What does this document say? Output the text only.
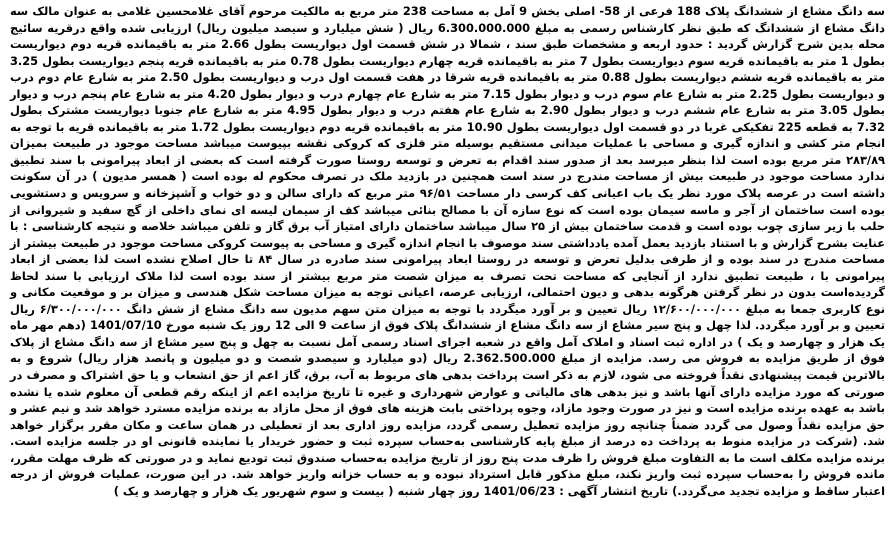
سه دانگ مشاع از ششدانگ پلاک 188 فرعی از 58- اصلی بخش 9 آمل به مساحت 238 متر مربع به مالکیت مرحوم آقای غلامحسین غلامی به عنوان مالک سه دانگ مشاع از ششدانگ که طبق نظر کارشناس رسمی به مبلغ 6.300.000.000 ریال ( شش میلیارد و سیصد میلیون ریال) ارزیابی شده واقع درقریه سائیج محله بدین شرح گزارش گردید : حدود اربعه و مشخصات طبق سند ، شمالا در شش قسمت اول دیواریست بطول 2.66 متر به باقیمانده قریه دوم دیواریست بطول 1 متر به باقیمانده قریه سوم دیواریست بطول 7 متر به باقیمانده قریه چهارم دیواریست بطول 0.78 متر به باقیمانده قریه پنجم دیواریست بطول 3.25 متر به باقیمانده قریه ششم دیواریست بطول 0.88 متر به باقیمانده قریه شرقا در هفت قسمت اول درب و دیواریست بطول 2.50 متر به شارع عام دوم درب و دیواریست بطول 2.25 متر به شارع عام سوم درب و دیوار بطول 7.15 متر به شارع عام چهارم درب و دیوار بطول 4.20 متر به شارع عام پنجم درب و دیوار بطول 3.05 متر به شارع عام ششم درب و دیوار بطول 2.90 به شارع عام هفتم درب و دیوار بطول 4.95 متر به شارع عام جنوبا دیواریست مشترک بطول 7.32 به قطعه 225 تفکیکی غربا در دو قسمت اول دیواریست بطول 10.90 متر به باقیمانده قریه دوم دیواریست بطول 1.72 متر به باقیمانده قریه با توجه به انجام متر کشی و اندازه گیری و مساحی با عملیات میدانی مستقیم بوسیله متر فلزی که کروکی نقشه بپیوست میباشد مساحت موجود در طبیعت بمیزان ۲۸۳/۸۹ متر مربع بوده است لذا بنظر میرسد بعد از صدور سند اقدام به تعرض و توسعه روستا صورت گرفته است که بعضی از ابعاد پیرامونی با سند تطبیق ندارد مساحت موجود در طبیعت بیش از مساحت مندرج در سند است همچنین در بازدید ملک در تصرف محکوم له بوده است ( همسر مدیون ) در آن سکونت داشته است در عرصه پلاک مورد نظر یک باب اعیانی کف کرسی دار مساحت ۹۶/۵۱ متر مربع که دارای سالن و دو خواب و آشپزخانه و سرویس و دستشویی بوده است ساختمان از آجر و ماسه سیمان بوده است که نوع سازه آن با مصالح بنائی میباشد کف از سیمان لیسه ای نمای داخلی از گچ سفید و شیروانی از حلب با زیر سازی چوب بوده است و قدمت ساختمان بیش از ۲۵ سال میباشد ساختمان دارای امتیاز آب برق گاز و تلفن میباشد خلاصه و نتیجه کارشناسی : با عنایت بشرح گزارش و با استناد بازدید بعمل آمده یادداشتی سند موصوف با انجام اندازه گیری و مساحی به پیوست کروکی مساحت موجود در طبیعت بیشتر از مساحت مندرج در سند بوده و از طرفی بدلیل تعرض و توسعه در روستا ابعاد پیرامونی سند صادره در سال ۸۴ تا حال اصلاح نشده است لذا بعضی از ابعاد پیرامونی با ، طبیعت تطبیق ندارد از آنجایی که مساحت تحت تصرف به میزان شصت متر مربع بیشتر از سند بوده است لذا ملاک ارزیابی با سند لحاظ گردیده‌است بدون در نظر گرفتن هرگونه بدهی و دیون احتمالی، ارزیابی عرصه، اعیانی توجه به میزان مساحت شکل هندسی و میزان بر و موقعیت مکانی و نوع کاربری جمعا به مبلغ ۱۲/۶۰۰/۰۰۰/۰۰۰ ریال تعیین و بر آورد میگردد با توجه به میزان متن سهم مدیون سه دانگ مشاع از شش دانگ ۶/۳۰۰/۰۰۰/۰۰۰ ریال تعیین و بر آورد میگردد. لذا چهل و پنج سیر مشاع از سه دانگ مشاع از ششدانگ پلاک فوق از ساعت 9 الی 12 روز یک شنبه مورخ 1401/07/10 (دهم مهر ماه یک هزار و چهارصد و یک ) در اداره ثبت اسناد و املاک آمل واقع در شعبه اجرای اسناد رسمی آمل نسبت به چهل و پنج سیر مشاع از سه دانگ مشاع از پلاک فوق از طریق مزایده به فروش می رسد. مزایده از مبلغ 2.362.500.000 ریال (دو میلیارد و سیصدو شصت و دو میلیون و پانصد هزار ریال) شروع و به بالاترین قیمت پیشنهادی نقداً فروخته می شود، لازم به ذکر است پرداخت بدهی های مربوط به آب، برق، گاز اعم از حق انشعاب و یا حق اشتراک و مصرف در صورتی که مورد مزایده دارای آنها باشد و نیز بدهی های مالیاتی و عوارض شهرداری و غیره تا تاریخ مزایده اعم از اینکه رقم قطعی آن معلوم شده یا نشده باشد به عهده برنده مزایده است و نیز در صورت وجود مازاد، وجوه پرداختی بابت هزینه های فوق از محل مازاد به برنده مزایده مسترد خواهد شد و نیم عشر و حق مزایده نقداً وصول می گردد ضمناً چنانچه روز مزایده تعطیل رسمی گردد، مزایده روز اداری بعد از تعطیلی در همان ساعت و مکان مقرر برگزار خواهد شد. (شرکت در مزایده منوط به پرداخت ده درصد از مبلغ پایه کارشناسی به‌حساب سپرده ثبت و حضور خریدار یا نماینده قانونی او در جلسه مزایده است. برنده مزایده مکلف است ما به التفاوت مبلغ فروش را ظرف مدت پنج روز از تاریخ مزایده به‌حساب صندوق ثبت تودیع نماید و در صورتی که ظرف مهلت مقرر، مانده فروش را به‌حساب سپرده ثبت واریز نکند، مبلغ مذکور قابل استرداد نبوده و به حساب خزانه واریز خواهد شد. در این صورت، عملیات فروش از درجه اعتبار ساقط و مزایده تجدید می‌گردد.) تاریخ انتشار آگهی : 1401/06/23 روز چهار شنبه ( بیست و سوم شهریور یک هزار و چهارصد و یک )
